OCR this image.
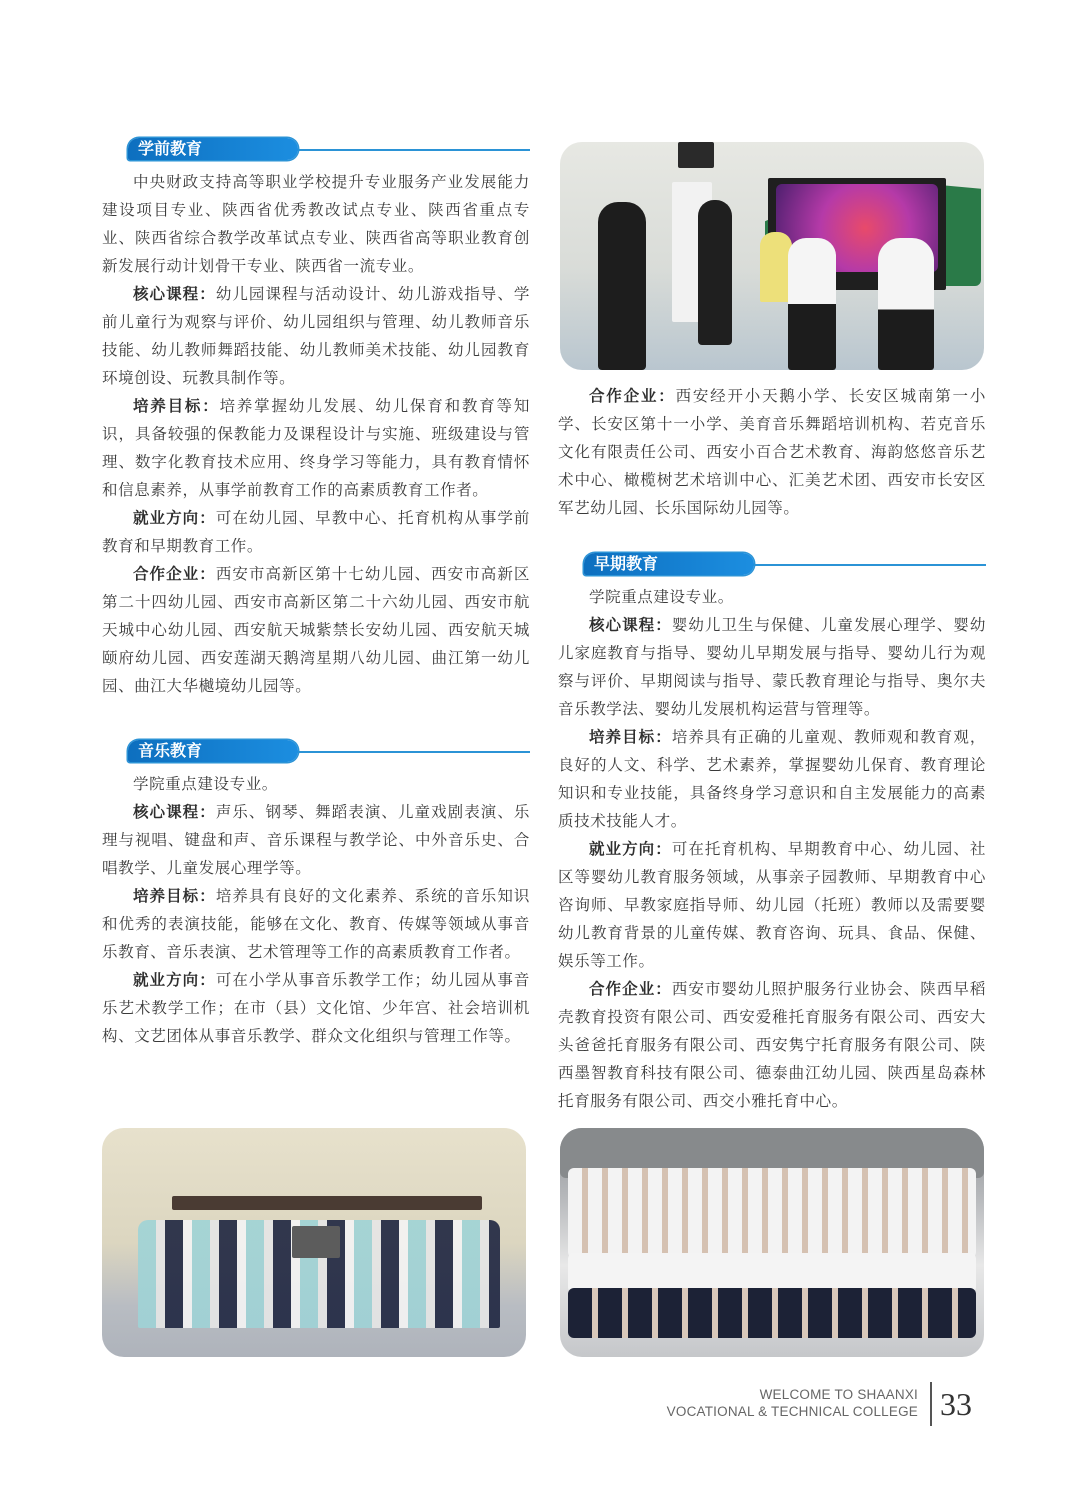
学前教育

中央财政支持高等职业学校提升专业服务产业发展能力建设项目专业、陕西省优秀教改试点专业、陕西省重点专业、陕西省综合教学改革试点专业、陕西省高等职业教育创新发展行动计划骨干专业、陕西省一流专业。

核心课程：幼儿园课程与活动设计、幼儿游戏指导、学前儿童行为观察与评价、幼儿园组织与管理、幼儿教师音乐技能、幼儿教师舞蹈技能、幼儿教师美术技能、幼儿园教育环境创设、玩教具制作等。

培养目标：培养掌握幼儿发展、幼儿保育和教育等知识，具备较强的保教能力及课程设计与实施、班级建设与管理、数字化教育技术应用、终身学习等能力，具有教育情怀和信息素养，从事学前教育工作的高素质教育工作者。

就业方向：可在幼儿园、早教中心、托育机构从事学前教育和早期教育工作。

合作企业：西安市高新区第十七幼儿园、西安市高新区第二十四幼儿园、西安市高新区第二十六幼儿园、西安市航天城中心幼儿园、西安航天城紫禁长安幼儿园、西安航天城颐府幼儿园、西安莲湖天鹅湾星期八幼儿园、曲江第一幼儿园、曲江大华樾境幼儿园等。

音乐教育

学院重点建设专业。

核心课程：声乐、钢琴、舞蹈表演、儿童戏剧表演、乐理与视唱、键盘和声、音乐课程与教学论、中外音乐史、合唱教学、儿童发展心理学等。

培养目标：培养具有良好的文化素养、系统的音乐知识和优秀的表演技能，能够在文化、教育、传媒等领域从事音乐教育、音乐表演、艺术管理等工作的高素质教育工作者。

就业方向：可在小学从事音乐教学工作；幼儿园从事音乐艺术教学工作；在市（县）文化馆、少年宫、社会培训机构、文艺团体从事音乐教学、群众文化组织与管理工作等。

合作企业：西安经开小天鹅小学、长安区城南第一小学、长安区第十一小学、美育音乐舞蹈培训机构、若克音乐文化有限责任公司、西安小百合艺术教育、海韵悠悠音乐艺术中心、橄榄树艺术培训中心、汇美艺术团、西安市长安区军艺幼儿园、长乐国际幼儿园等。

早期教育

学院重点建设专业。

核心课程：婴幼儿卫生与保健、儿童发展心理学、婴幼儿家庭教育与指导、婴幼儿早期发展与指导、婴幼儿行为观察与评价、早期阅读与指导、蒙氏教育理论与指导、奥尔夫音乐教学法、婴幼儿发展机构运营与管理等。

培养目标：培养具有正确的儿童观、教师观和教育观，良好的人文、科学、艺术素养，掌握婴幼儿保育、教育理论知识和专业技能，具备终身学习意识和自主发展能力的高素质技术技能人才。

就业方向：可在托育机构、早期教育中心、幼儿园、社区等婴幼儿教育服务领域，从事亲子园教师、早期教育中心咨询师、早教家庭指导师、幼儿园（托班）教师以及需要婴幼儿教育背景的儿童传媒、教育咨询、玩具、食品、保健、娱乐等工作。

合作企业：西安市婴幼儿照护服务行业协会、陕西早稻壳教育投资有限公司、西安爱稚托育服务有限公司、西安大头爸爸托育服务有限公司、西安隽宁托育服务有限公司、陕西墨智教育科技有限公司、德泰曲江幼儿园、陕西星岛森林托育服务有限公司、西交小雅托育中心。

WELCOME TO SHAANXI
VOCATIONAL & TECHNICAL COLLEGE 33
